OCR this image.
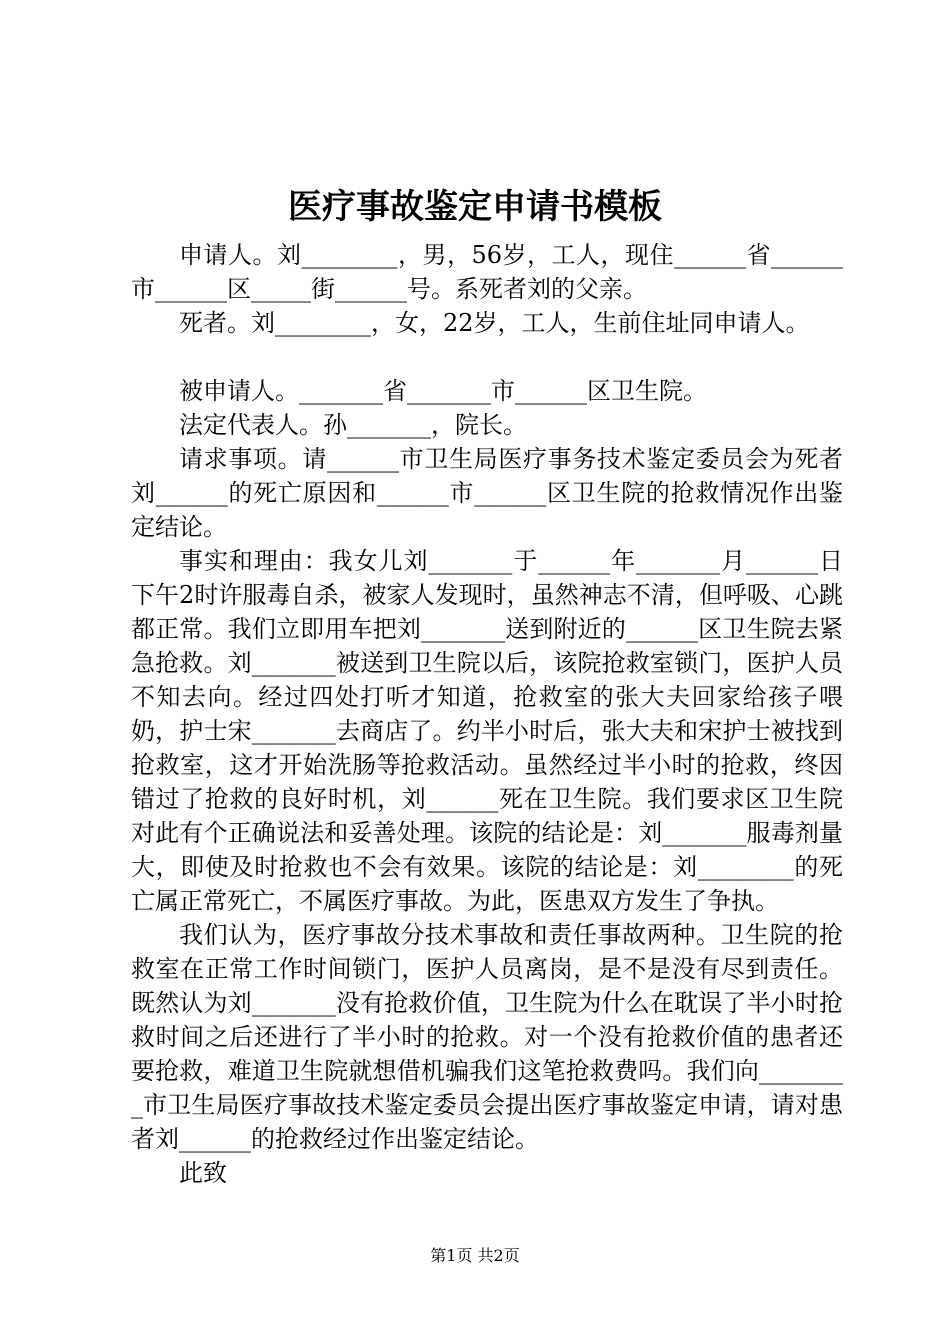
医疗事故鉴定申请书模板

申请人。刘________，男，56岁，工人，现住______省______市______区_____街______号。系死者刘的父亲。

死者。刘________，女，22岁，工人，生前住址同申请人。

被申请人。_______省_______市______区卫生院。

法定代表人。孙_______，院长。

请求事项。请______市卫生局医疗事务技术鉴定委员会为死者刘______的死亡原因和______市______区卫生院的抢救情况作出鉴定结论。

事实和理由：我女儿刘_______于______年_______月______日下午2时许服毒自杀，被家人发现时，虽然神志不清，但呼吸、心跳都正常。我们立即用车把刘_______送到附近的______区卫生院去紧急抢救。刘_______被送到卫生院以后，该院抢救室锁门，医护人员不知去向。经过四处打听才知道，抢救室的张大夫回家给孩子喂奶，护士宋_______去商店了。约半小时后，张大夫和宋护士被找到抢救室，这才开始洗肠等抢救活动。虽然经过半小时的抢救，终因错过了抢救的良好时机，刘______死在卫生院。我们要求区卫生院对此有个正确说法和妥善处理。该院的结论是：刘_______服毒剂量大，即使及时抢救也不会有效果。该院的结论是：刘________的死亡属正常死亡，不属医疗事故。为此，医患双方发生了争执。

我们认为，医疗事故分技术事故和责任事故两种。卫生院的抢救室在正常工作时间锁门，医护人员离岗，是不是没有尽到责任。既然认为刘_______没有抢救价值，卫生院为什么在耽误了半小时抢救时间之后还进行了半小时的抢救。对一个没有抢救价值的患者还要抢救，难道卫生院就想借机骗我们这笔抢救费吗。我们向________市卫生局医疗事故技术鉴定委员会提出医疗事故鉴定申请，请对患者刘______的抢救经过作出鉴定结论。

此致

第1页 共2页
